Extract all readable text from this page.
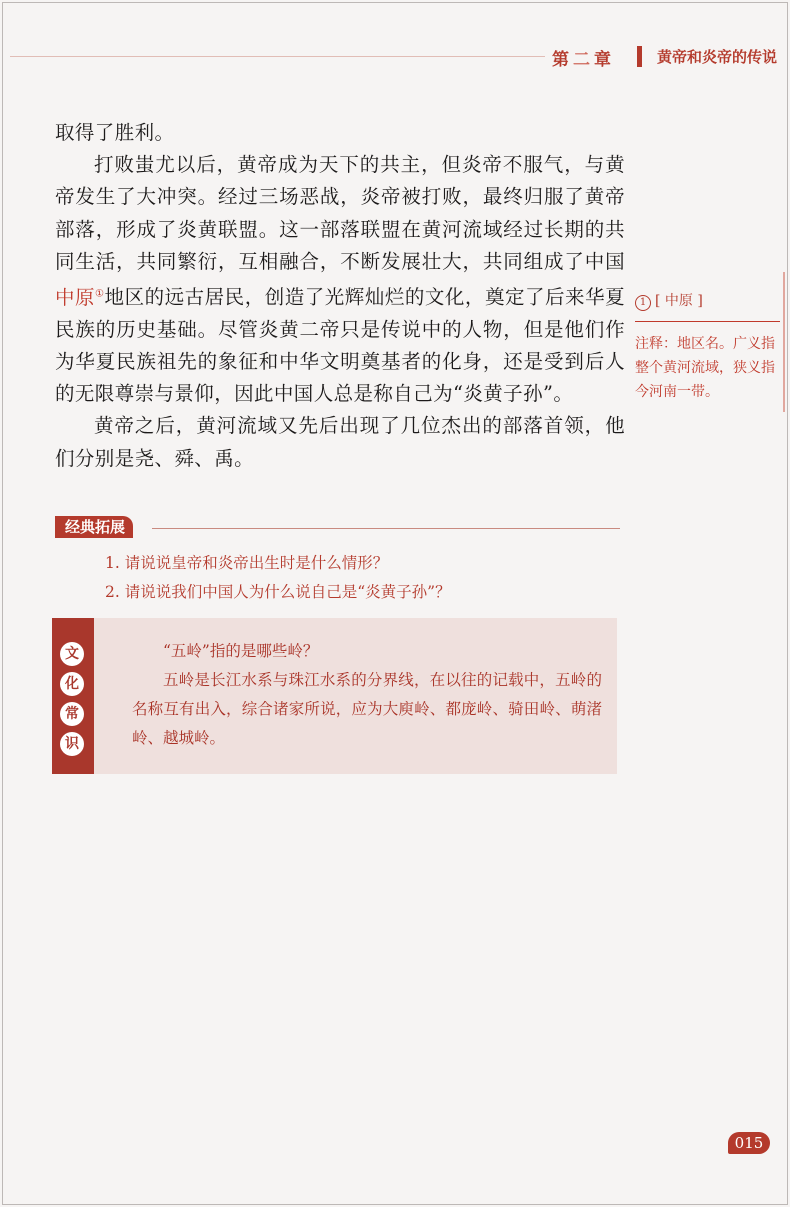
第二章	黄帝和炎帝的传说

取得了胜利。

打败蚩尤以后，黄帝成为天下的共主，但炎帝不服气，与黄帝发生了大冲突。经过三场恶战，炎帝被打败，最终归服了黄帝部落，形成了炎黄联盟。这一部落联盟在黄河流域经过长期的共同生活，共同繁衍，互相融合，不断发展壮大，共同组成了中国中原①地区的远古居民，创造了光辉灿烂的文化，奠定了后来华夏民族的历史基础。尽管炎黄二帝只是传说中的人物，但是他们作为华夏民族祖先的象征和中华文明奠基者的化身，还是受到后人的无限尊崇与景仰，因此中国人总是称自己为“炎黄子孙”。

黄帝之后，黄河流域又先后出现了几位杰出的部落首领，他们分别是尧、舜、禹。

1 [ 中原 ]
注释：地区名。广义指整个黄河流域，狭义指今河南一带。
经典拓展
1. 请说说皇帝和炎帝出生时是什么情形？
2. 请说说我们中国人为什么说自己是“炎黄子孙”？
文
化
常
识

“五岭”指的是哪些岭？

五岭是长江水系与珠江水系的分界线，在以往的记载中，五岭的名称互有出入，综合诸家所说，应为大庾岭、都庞岭、骑田岭、萌渚岭、越城岭。

015
